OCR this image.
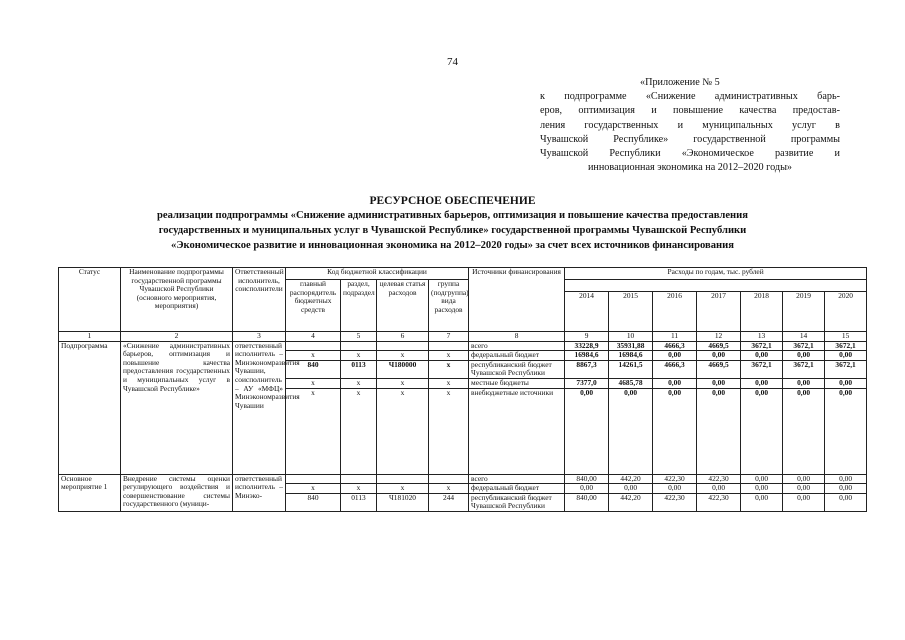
74
«Приложение № 5
к подпрограмме «Снижение административных барь-
еров, оптимизация и повышение качества предостав-
ления государственных и муниципальных услуг в
Чувашской Республике» государственной программы
Чувашской Республики «Экономическое развитие и
инновационная экономика на 2012–2020 годы»
РЕСУРСНОЕ ОБЕСПЕЧЕНИЕ
реализации подпрограммы «Снижение административных барьеров, оптимизация и повышение качества предоставления
государственных и муниципальных услуг в Чувашской Республике» государственной программы Чувашской Республики
«Экономическое развитие и инновационная экономика на 2012–2020 годы» за счет всех источников финансирования
Статус	Наименование подпрограммы государственной программы Чувашской Республики (основного мероприятия, мероприятия)	Ответственный исполнитель, соисполнители	Код бюджетной классификации				Источники финансирования	Расходы по годам, тыс. рублей						
			главный распорядитель бюджетных средств	раздел, подраздел	целевая статья расходов	группа (подгруппа) вида расходов								
								2014	2015	2016	2017	2018	2019	2020
1	2	3	4	5	6	7	8	9	10	11	12	13	14	15
Подпрограмма	«Снижение административных барьеров, оптимизация и повышение качества предоставления государственных и муниципальных услуг в Чувашской Республике»	ответственный исполнитель – Минэкономразвития Чувашии, соисполнитель – АУ «МФЦ» Минэкономразвития Чувашии					всего	33228,9	35931,88	4666,3	4669,5	3672,1	3672,1	3672,1
			х	х	х	х	федеральный бюджет	16984,6	16984,6	0,00	0,00	0,00	0,00	0,00
			840	0113	Ч180000	х	республиканский бюджет Чувашской Республики	8867,3	14261,5	4666,3	4669,5	3672,1	3672,1	3672,1
			х	х	х	х	местные бюджеты	7377,0	4685,78	0,00	0,00	0,00	0,00	0,00
			х	х	х	х	внебюджетные источники	0,00	0,00	0,00	0,00	0,00	0,00	0,00
Основное мероприятие 1	Внедрение системы оценки регулирующего воздействия и совершенствование системы государственного (муници-	ответственный исполнитель – Минэко-					всего	840,00	442,20	422,30	422,30	0,00	0,00	0,00
			х	х	х	х	федеральный бюджет	0,00	0,00	0,00	0,00	0,00	0,00	0,00
			840	0113	Ч181020	244	республиканский бюджет Чувашской Республики	840,00	442,20	422,30	422,30	0,00	0,00	0,00
